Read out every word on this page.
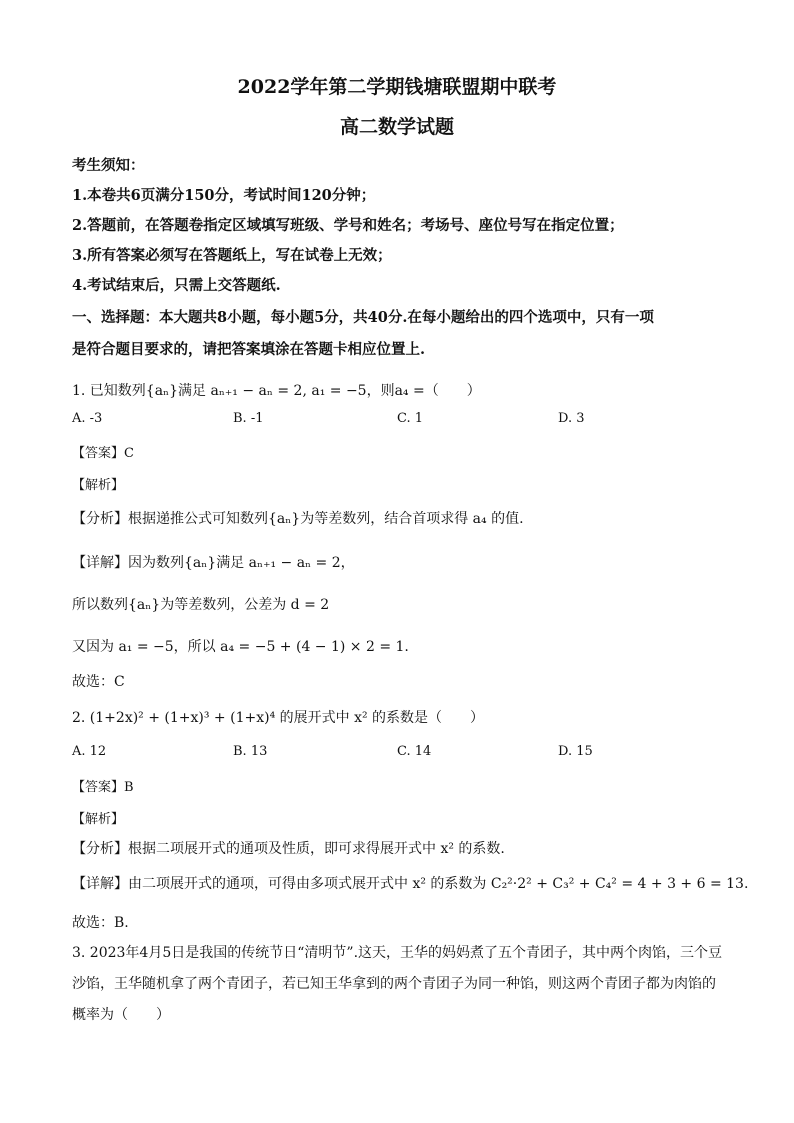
2022学年第二学期钱塘联盟期中联考
高二数学试题
考生须知：
1.本卷共6页满分150分，考试时间120分钟；
2.答题前，在答题卷指定区域填写班级、学号和姓名；考场号、座位号写在指定位置；
3.所有答案必须写在答题纸上，写在试卷上无效；
4.考试结束后，只需上交答题纸.
一、选择题：本大题共8小题，每小题5分，共40分.在每小题给出的四个选项中，只有一项
是符合题目要求的，请把答案填涂在答题卡相应位置上.
1. 已知数列{aₙ}满足 aₙ₊₁ − aₙ = 2, a₁ = −5，则a₄ =（　　）
A. -3	B. -1	C. 1	D. 3
【答案】C
【解析】
【分析】根据递推公式可知数列{aₙ}为等差数列，结合首项求得 a₄ 的值.
【详解】因为数列{aₙ}满足 aₙ₊₁ − aₙ = 2，
所以数列{aₙ}为等差数列，公差为 d = 2
又因为 a₁ = −5，所以 a₄ = −5 + (4 − 1) × 2 = 1.
故选：C
2. (1+2x)² + (1+x)³ + (1+x)⁴ 的展开式中 x² 的系数是（　　）
A. 12	B. 13	C. 14	D. 15
【答案】B
【解析】
【分析】根据二项展开式的通项及性质，即可求得展开式中 x² 的系数.
【详解】由二项展开式的通项，可得由多项式展开式中 x² 的系数为 C₂²·2² + C₃² + C₄² = 4 + 3 + 6 = 13.
故选：B.
3. 2023年4月5日是我国的传统节日“清明节”.这天，王华的妈妈煮了五个青团子，其中两个肉馅，三个豆
沙馅，王华随机拿了两个青团子，若已知王华拿到的两个青团子为同一种馅，则这两个青团子都为肉馅的
概率为（　　）
